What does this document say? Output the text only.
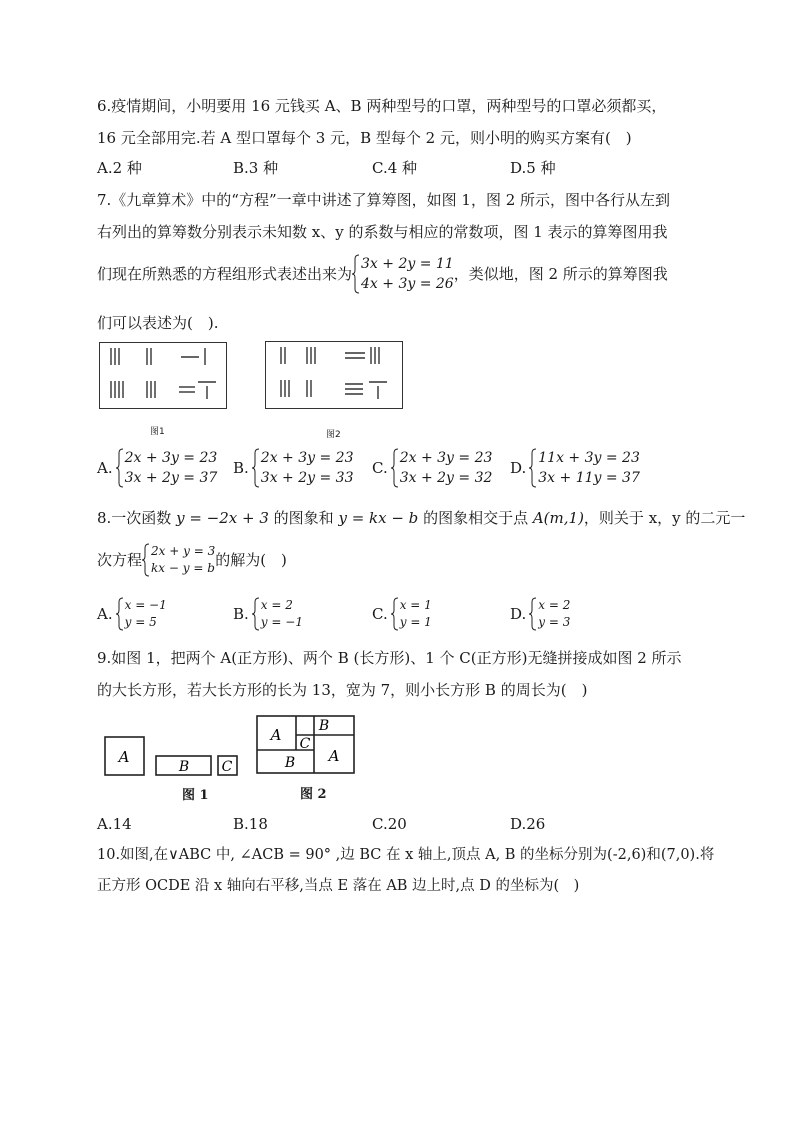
6.疫情期间，小明要用 16 元钱买 A、B 两种型号的口罩，两种型号的口罩必须都买，
16 元全部用完.若 A 型口罩每个 3 元，B 型每个 2 元，则小明的购买方案有(　)
A.2 种	B.3 种	C.4 种	D.5 种
7.《九章算术》中的“方程”一章中讲述了算筹图，如图 1，图 2 所示，图中各行从左到
右列出的算筹数分别表示未知数 x、y 的系数与相应的常数项，图 1 表示的算筹图用我
们现在所熟悉的方程组形式表述出来为
3x + 2y = 11
4x + 3y = 26
，类似地，图 2 所示的算筹图我
们可以表述为(　).
图1	图2
A.
2x + 3y = 23
3x + 2y = 37
B.
2x + 3y = 23
3x + 2y = 33
C.
2x + 3y = 23
3x + 2y = 32
D.
11x + 3y = 23
3x + 11y = 37
8.一次函数 y = −2x + 3 的图象和 y = kx − b 的图象相交于点 A(m,1)，则关于 x，y 的二元一
次方程 2x + y = 3
kx − y = b 的解为(　)
A. x = −1
y = 5	B. x = 2
y = −1	C. x = 1
y = 1	D. x = 2
y = 3
9.如图 1，把两个 A(正方形)、两个 B (长方形)、1 个 C(正方形)无缝拼接成如图 2 所示
的大长方形，若大长方形的长为 13，宽为 7，则小长方形 B 的周长为(　)
A
B C
图 1
A	B
C
B A
图 2
A.14	B.18	C.20	D.26
10.如图,在∨ABC 中, ∠ACB = 90° ,边 BC 在 x 轴上,顶点 A, B 的坐标分别为(-2,6)和(7,0).将
正方形 OCDE 沿 x 轴向右平移,当点 E 落在 AB 边上时,点 D 的坐标为(　)
